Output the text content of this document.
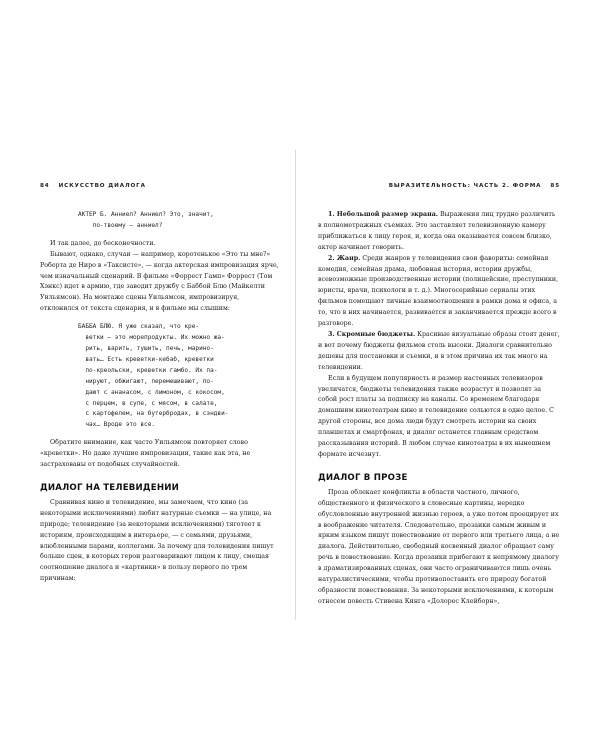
84 ИСКУССТВО ДИАЛОГА	ВЫРАЗИТЕЛЬНОСТЬ: ЧАСТЬ 2. ФОРМА 85
АКТЕР Б. Анниел? Анниел? Это, значит,
по-твоему — анниел?

И так далее, до бесконечности.

Бывают, однако, случаи — например, коротенькое «Это ты мне?» Роберта де Ниро в «Таксисте», — когда актерская импровизация ярче, чем изначальный сценарий. В фильме «Форрест Гамп» Форрест (Том Хэнкс) идет в армию, где заводит дружбу с Баббой Блю (Майкелти Уильямсон). На монтаже сцены Уильямсон, импровизируя, отклонился от текста сценария, и в фильме мы слышим:

БАББА БЛЮ. Я уже сказал, что кре-
ветки — это морепродукты. Их можно жа-
рить, варить, тушить, печь, марино-
вать… Есть креветки-кебаб, креветки
по-креольски, креветки гамбо. Их па-
нируют, обжигают, перемешивают, по-
дают с ананасом, с лимоном, с кокосом,
с перцем, в супе, с мясом, в салате,
с картофелем, на бутербродах, в сэндви-
чах… Вроде это все.

Обратите внимание, как часто Уильямсон повторяет слово «креветки». Но даже лучшие импровизации, такие как эта, не застрахованы от подобных случайностей.

ДИАЛОГ НА ТЕЛЕВИДЕНИИ

Сравнивая кино и телевидение, мы замечаем, что кино (за некоторыми исключениями) любит натурные съемки — на улице, на природе; телевидение (за некоторыми исключениями) тяготеет к историям, происходящим в интерьере, — с семьями, друзьями, влюбленными парами, коллегами. За почему для телевидения пишут больше сцен, в которых герои разговаривают лицом к лицу, смещая соотношение диалога и «картинки» в пользу первого по трем причинам:

1. Небольшой размер экрана. Выражения лиц трудно различить в полнометражных съемках. Это заставляет телевизионную камеру приближаться к лицу героя, и, когда она оказывается совсем близко, актер начинает говорить.

2. Жанр. Среди жанров у телевидения свои фавориты: семейная комедия, семейная драма, любовная история, истории дружбы, всевозможные производственные истории (полицейские, преступники, юристы, врачи, психологи и т. д.). Многосерийные сериалы этих фильмов помещают личные взаимоотношения в рамки дома и офиса, а то, что в них начинается, развивается и заканчивается прежде всего в разговоре.

3. Скромные бюджеты. Красивые визуальные образы стоят денег, и вот почему бюджеты фильмов столь высоки. Диалоги сравнительно дешевы для постановки и съемки, и в этом причина их так много на телевидении.

Если в будущем популярность и размер настенных телевизоров увеличатся, бюджеты телевидения также возрастут и позволят за собой рост платы за подписку на каналы. Со временем благодаря домашним кинотеатрам кино и телевидение сольются в одно целое. С другой стороны, все дома люди будут смотреть истории на своих планшетах и смартфонах, и диалог останется главным средством рассказывания историй. В любом случае кинотеатры в их нынешнем формате исчезнут.

ДИАЛОГ В ПРОЗЕ

Проза облекает конфликты в области частного, личного, общественного и физического в словесные картины, нередко обусловленные внутренней жизнью героев, а уже потом проецирует их в воображение читателя. Следовательно, прозаики самым живым и ярким языком пишут повествование от первого или третьего лица, а не диалога. Действительно, свободный косвенный диалог обращает саму речь в повествование. Когда прозаики прибегают к непрямому диалогу в драматизированных сценах, они часто ограничиваются лишь очень натуралистическими, чтобы противопоставить его природу богатой образности повествования. За некоторыми исключениями, к которым отнесем повесть Стивена Кинга «Долорес Клейборн»,
